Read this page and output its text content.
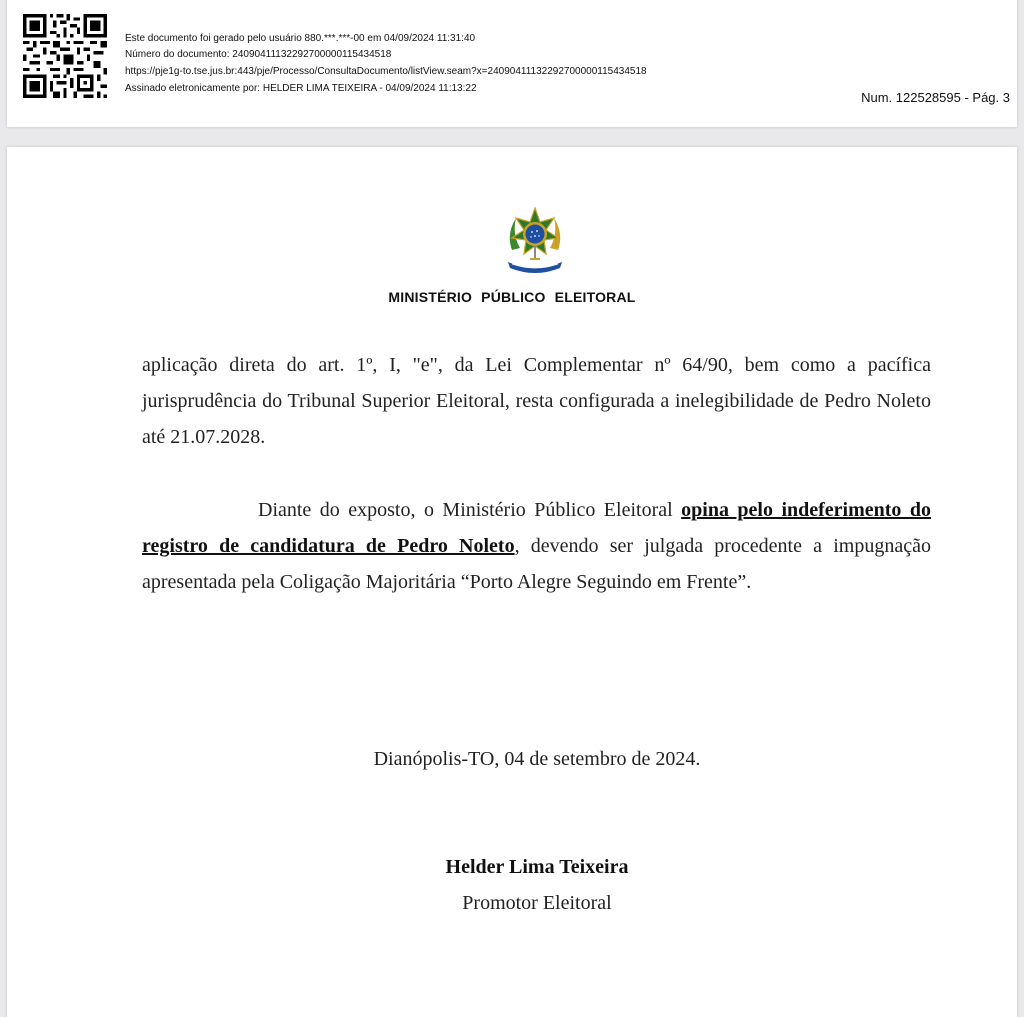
Este documento foi gerado pelo usuário 880.***.***-00 em 04/09/2024 11:31:40
Número do documento: 24090411132292700000115434518
https://pje1g-to.tse.jus.br:443/pje/Processo/ConsultaDocumento/listView.seam?x=24090411132292700000115434518
Assinado eletronicamente por: HELDER LIMA TEIXEIRA - 04/09/2024 11:13:22
Num. 122528595 - Pág. 3
MINISTÉRIO PÚBLICO ELEITORAL

aplicação direta do art. 1º, I, "e", da Lei Complementar nº 64/90, bem como a pacífica jurisprudência do Tribunal Superior Eleitoral, resta configurada a inelegibilidade de Pedro Noleto até 21.07.2028.

Diante do exposto, o Ministério Público Eleitoral opina pelo indeferimento do registro de candidatura de Pedro Noleto, devendo ser julgada procedente a impugnação apresentada pela Coligação Majoritária “Porto Alegre Seguindo em Frente”.

Dianópolis-TO, 04 de setembro de 2024.
Helder Lima Teixeira
Promotor Eleitoral
